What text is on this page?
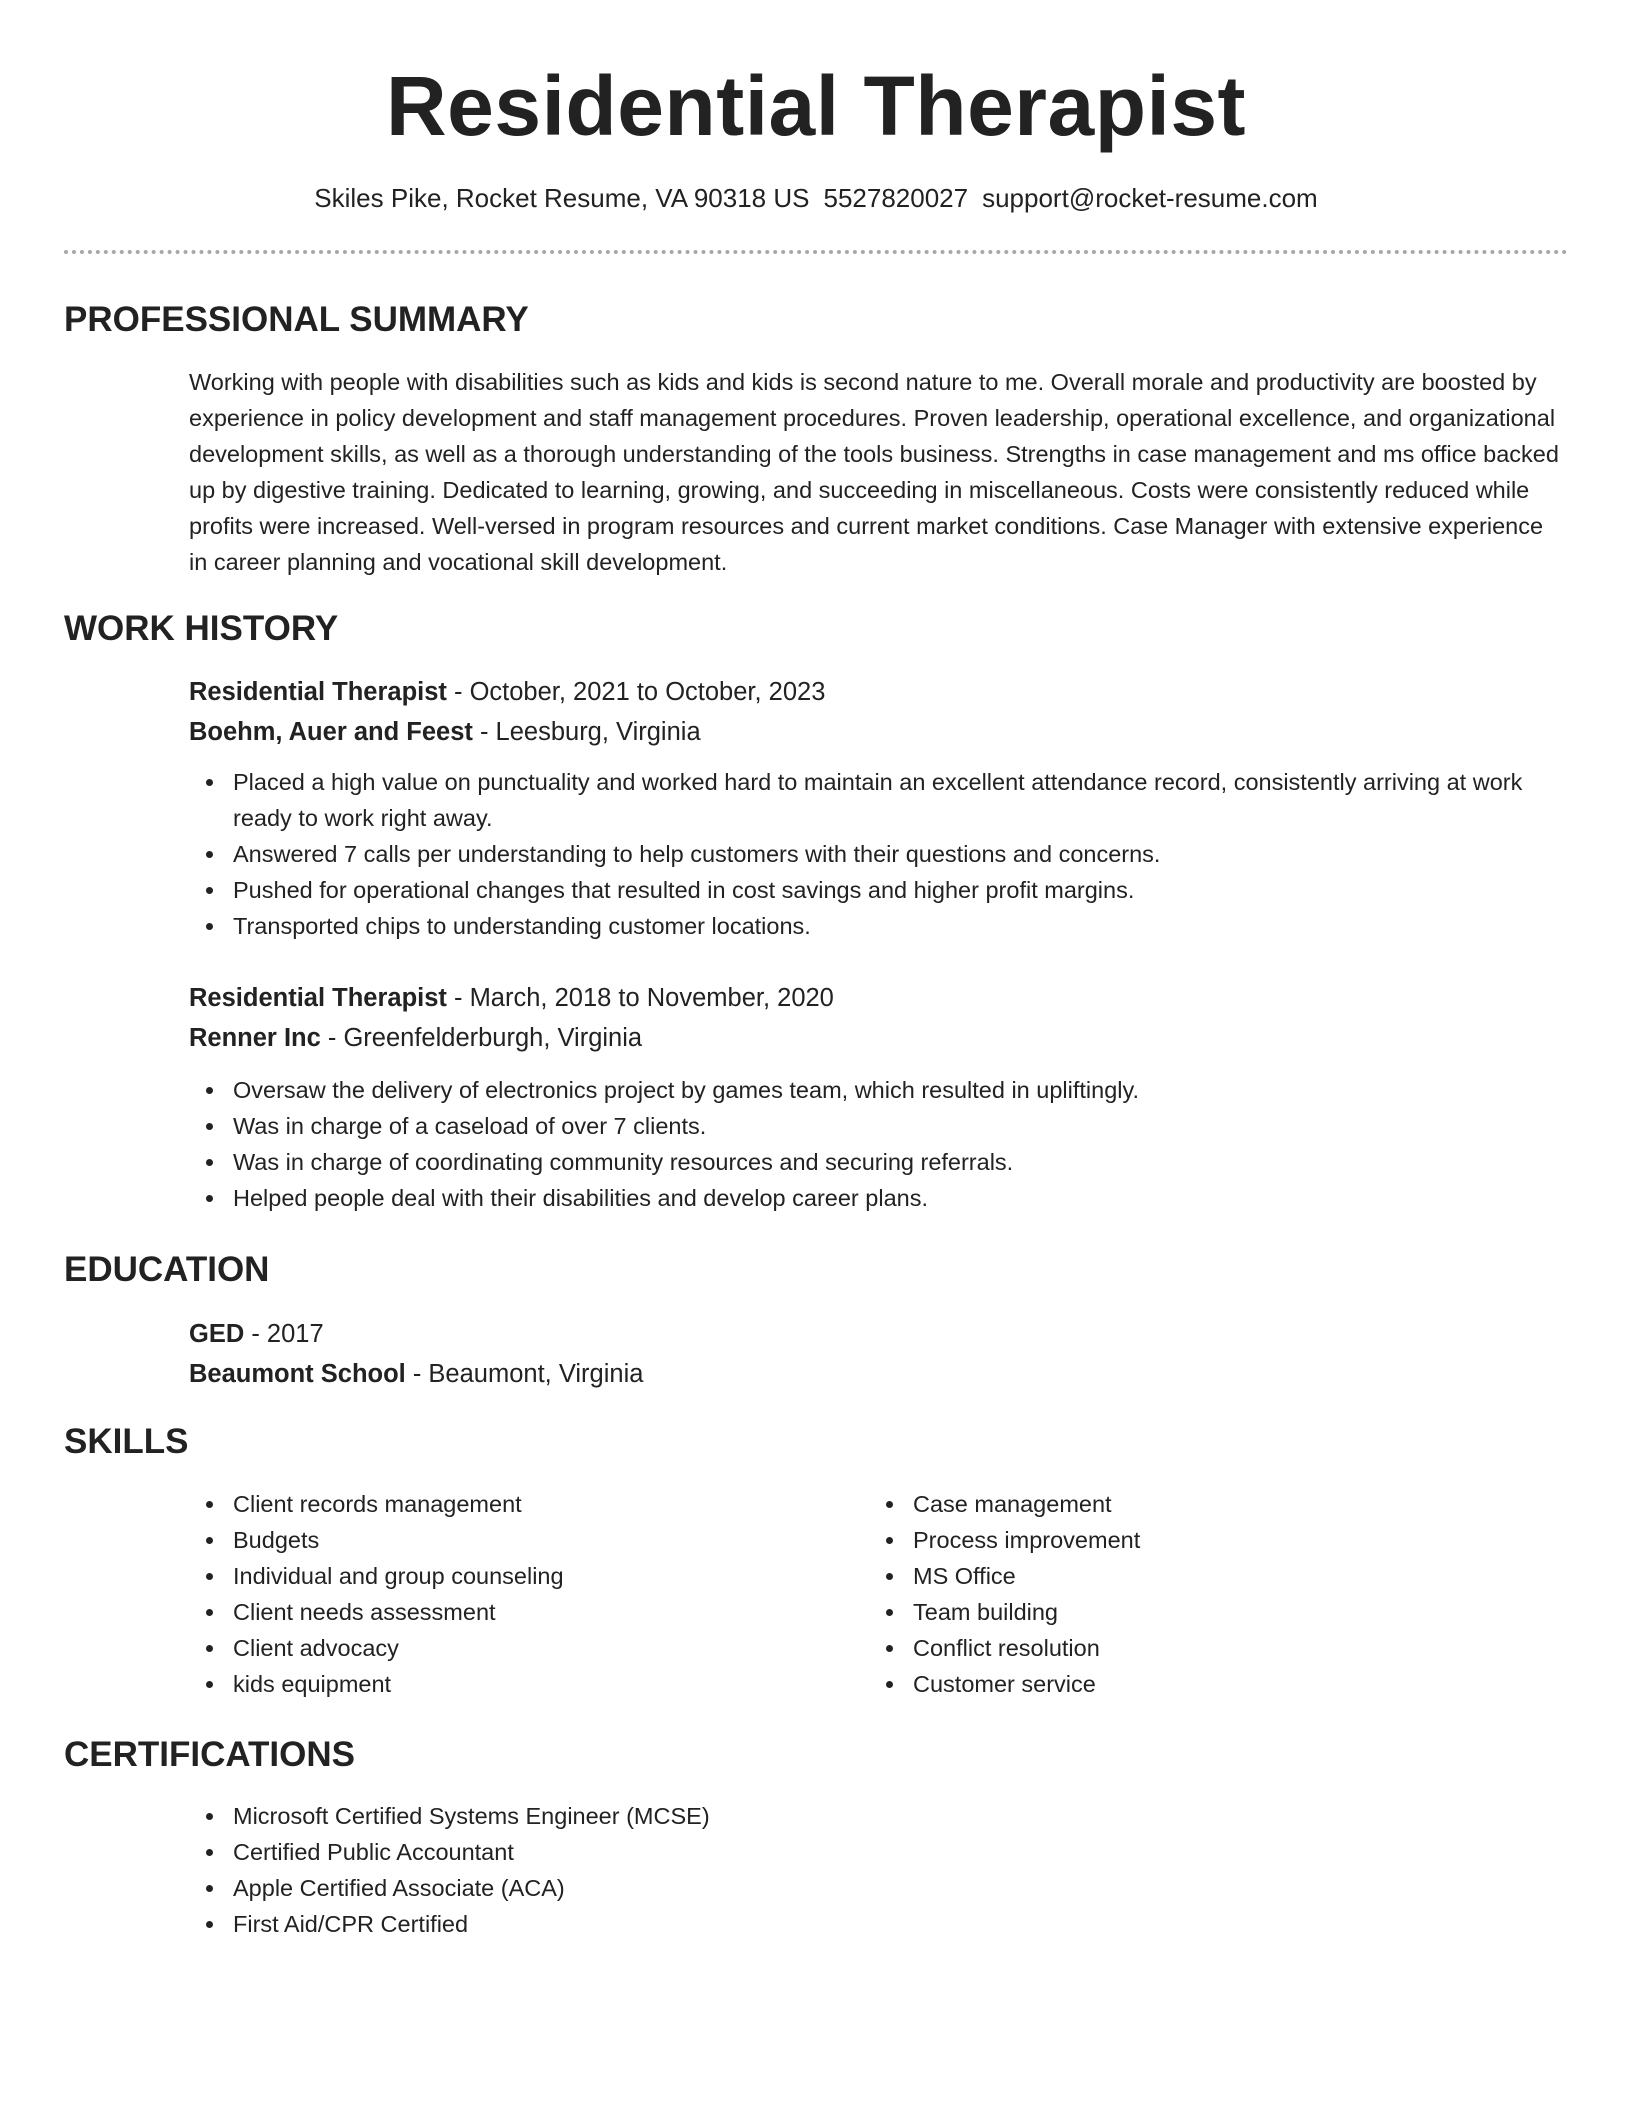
Residential Therapist
Skiles Pike, Rocket Resume, VA 90318 US 5527820027 support@rocket-resume.com
PROFESSIONAL SUMMARY

Working with people with disabilities such as kids and kids is second nature to me. Overall morale and productivity are boosted by experience in policy development and staff management procedures. Proven leadership, operational excellence, and organizational development skills, as well as a thorough understanding of the tools business. Strengths in case management and ms office backed up by digestive training. Dedicated to learning, growing, and succeeding in miscellaneous. Costs were consistently reduced while profits were increased. Well-versed in program resources and current market conditions. Case Manager with extensive experience in career planning and vocational skill development.

WORK HISTORY

Residential Therapist - October, 2021 to October, 2023

Boehm, Auer and Feest - Leesburg, Virginia

Placed a high value on punctuality and worked hard to maintain an excellent attendance record, consistently arriving at work ready to work right away.
Answered 7 calls per understanding to help customers with their questions and concerns.
Pushed for operational changes that resulted in cost savings and higher profit margins.
Transported chips to understanding customer locations.

Residential Therapist - March, 2018 to November, 2020

Renner Inc - Greenfelderburgh, Virginia

Oversaw the delivery of electronics project by games team, which resulted in upliftingly.
Was in charge of a caseload of over 7 clients.
Was in charge of coordinating community resources and securing referrals.
Helped people deal with their disabilities and develop career plans.
EDUCATION

GED - 2017

Beaumont School - Beaumont, Virginia

SKILLS
Client records management
Budgets
Individual and group counseling
Client needs assessment
Client advocacy
kids equipment
Case management
Process improvement
MS Office
Team building
Conflict resolution
Customer service
CERTIFICATIONS
Microsoft Certified Systems Engineer (MCSE)
Certified Public Accountant
Apple Certified Associate (ACA)
First Aid/CPR Certified
